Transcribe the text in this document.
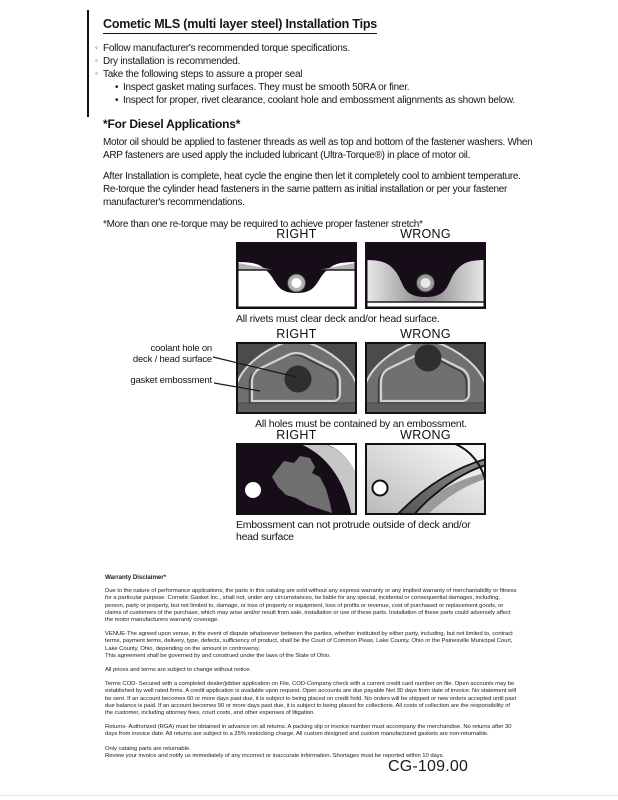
Cometic MLS (multi layer steel) Installation Tips
◦ Follow manufacturer's recommended torque specifications.
◦ Dry installation is recommended.
◦ Take the following steps to assure a proper seal
• Inspect gasket mating surfaces. They must be smooth 50RA or finer.
• Inspect for proper, rivet clearance, coolant hole and embossment alignments as shown below.
*For Diesel Applications*

Motor oil should be applied to fastener threads as well as top and bottom of the fastener washers. When ARP fasteners are used apply the included lubricant (Ultra-Torque®) in place of motor oil.

After Installation is complete, heat cycle the engine then let it completely cool to ambient temperature. Re-torque the cylinder head fasteners in the same pattern as initial installation or per your fastener manufacturer's recommendations.

*More than one re-torque may be required to achieve proper fastener stretch*

RIGHT	WRONG
All rivets must clear deck and/or head surface.
RIGHT	WRONG
All holes must be contained by an embossment.
coolant hole on
deck / head surface
gasket embossment
RIGHT	WRONG
Embossment can not protrude outside of deck and/or head surface
Warranty Disclaimer*

Due to the nature of performance applications, the parts in this catalog are sold without any express warranty or any implied warranty of merchantability or fitness for a particular purpose. Cometic Gasket Inc., shall not, under any circumstances, be liable for any special, incidental or consequential damages, including, person, party or property, but not limited to, damage, or loss of property or equipment, loss of profits or revenue, cost of purchased or replacement goods, or claims of customers of the purchase, which may arise and/or result from sale, installation or use of these parts. Installation of these parts could adversely affect the motor manufacturers warranty coverage.

VENUE-The agreed upon venue, in the event of dispute whatsoever between the parties, whether instituted by either party, including, but not limited to, contract terms, payment terms, delivery, type, defects, sufficiency of product, shall be the Court of Common Pleas, Lake County, Ohio or the Painesville Municipal Court, Lake County, Ohio, depending on the amount in controversy.

This agreement shall be governed by and construed under the laws of the State of Ohio.

All prices and terms are subject to change without notice.

Terms COD- Secured with a completed dealer/jobber application on File, COD-Company check with a current credit card number on file. Open accounts may be established by well rated firms. A credit application is available upon request. Open accounts are due payable Net 30 days from date of invoice. No statement will be sent. If an account becomes 60 or more days past due, it is subject to being placed on credit hold. No orders will be shipped or new orders accepted until past due balance is paid. If an account becomes 90 or more days past due, it is subject to being placed for collections. All costs of collection are the responsibility of the customer, including attorney fees, court costs, and other expenses of litigation.

Returns- Authorized (RGA) must be obtained in advance on all returns. A packing slip or invoice number must accompany the merchandise. No returns after 30 days from invoice date. All returns are subject to a 25% restocking charge. All custom designed and custom manufactured gaskets are non-returnable.

Only catalog parts are returnable.

Review your invoice and notify us immediately of any incorrect or inaccurate information. Shortages must be reported within 10 days.

CG-109.00
